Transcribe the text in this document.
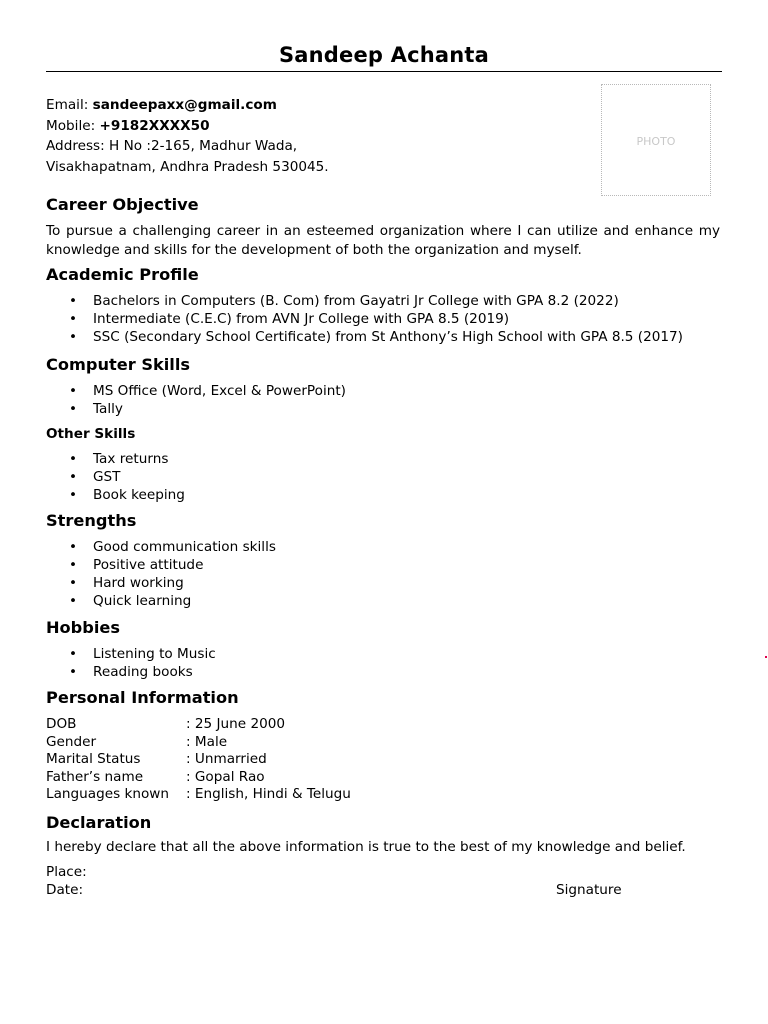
Sandeep Achanta
Email: sandeepaxx@gmail.com
Mobile: +9182XXXX50
Address: H No :2-165, Madhur Wada,
Visakhapatnam, Andhra Pradesh 530045.
PHOTO
Career Objective
To pursue a challenging career in an esteemed organization where I can utilize and enhance my knowledge and skills for the development of both the organization and myself.
Academic Profile
• Bachelors in Computers (B. Com) from Gayatri Jr College with GPA 8.2 (2022)
• Intermediate (C.E.C) from AVN Jr College with GPA 8.5 (2019)
• SSC (Secondary School Certificate) from St Anthony’s High School with GPA 8.5 (2017)
Computer Skills
• MS Office (Word, Excel & PowerPoint)
• Tally
Other Skills
• Tax returns
• GST
• Book keeping
Strengths
• Good communication skills
• Positive attitude
• Hard working
• Quick learning
Hobbies
• Listening to Music
• Reading books
Personal Information
DOB	: 25 June 2000
Gender	: Male
Marital Status	: Unmarried
Father’s name	: Gopal Rao
Languages known	: English, Hindi & Telugu
Declaration
I hereby declare that all the above information is true to the best of my knowledge and belief.
Place:
Date:	Signature
